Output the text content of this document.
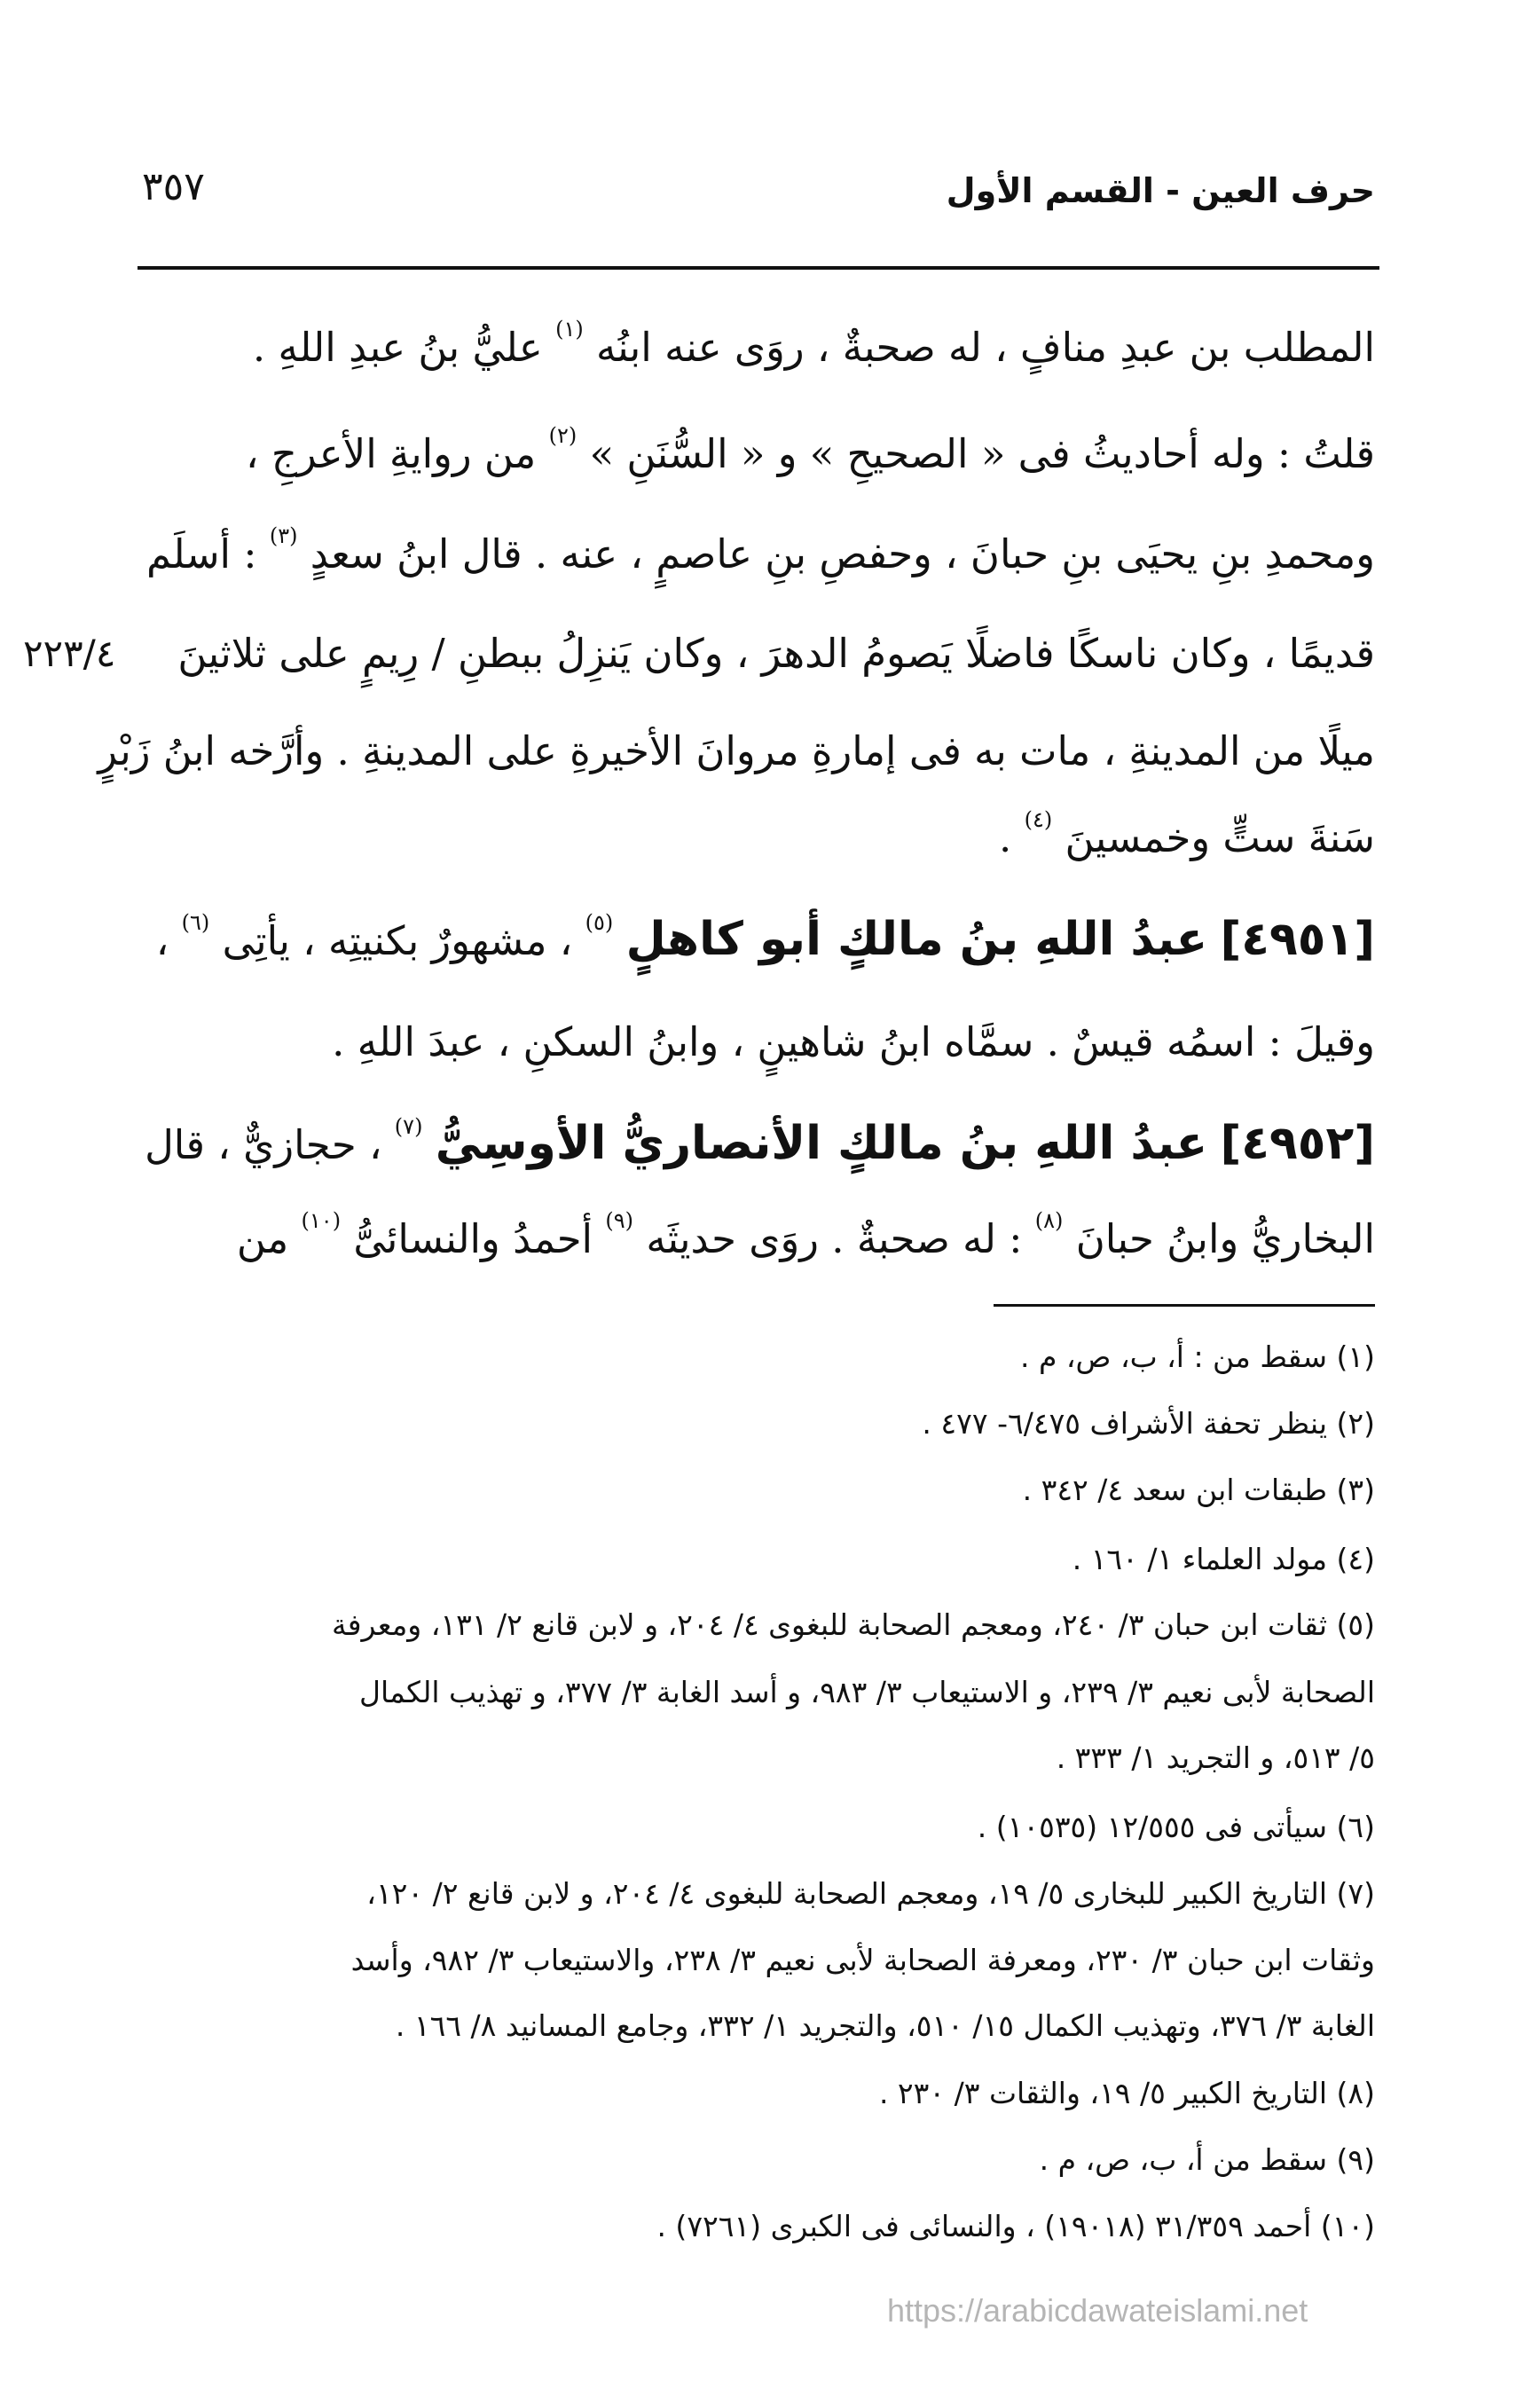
حرف العين - القسم الأول
٣٥٧
المطلب بن عبدِ منافٍ ، له صحبةٌ ، روَى عنه ابنُه $^{(١)}$ عليُّ بنُ عبدِ اللهِ .
قلتُ : وله أحاديثُ فى « الصحيحِ » و « السُّنَنِ » $^{(٢)}$ من روايةِ الأعرجِ ،
ومحمدِ بنِ يحيَى بنِ حبانَ ، وحفصِ بنِ عاصمٍ ، عنه . قال ابنُ سعدٍ $^{(٣)}$ : أسلَم
قديمًا ، وكان ناسكًا فاضلًا يَصومُ الدهرَ ، وكان يَنزِلُ ببطنِ / رِيمٍ على ثلاثينَ
ميلًا من المدينةِ ، مات به فى إمارةِ مروانَ الأخيرةِ على المدينةِ . وأرَّخه ابنُ زَبْرٍ
سَنةَ ستٍّ وخمسينَ $^{(٤)}$ .
٢٢٣/٤
[٤٩٥١] عبدُ اللهِ بنُ مالكٍ أبو كاهلٍ $^{(٥)}$ ، مشهورٌ بكنيتِه ، يأتِى $^{(٦)}$ ،
وقيلَ : اسمُه قيسٌ . سمَّاه ابنُ شاهينٍ ، وابنُ السكنِ ، عبدَ اللهِ .
[٤٩٥٢] عبدُ اللهِ بنُ مالكٍ الأنصاريُّ الأوسِيُّ $^{(٧)}$ ، حجازيٌّ ، قال
البخاريُّ وابنُ حبانَ $^{(٨)}$ : له صحبةٌ . روَى حديثَه $^{(٩)}$ أحمدُ والنسائىُّ $^{(١٠)}$ من
(١) سقط من : أ، ب، ص، م .
(٢) ينظر تحفة الأشراف ٦/٤٧٥- ٤٧٧ .
(٣) طبقات ابن سعد ٤/ ٣٤٢ .
(٤) مولد العلماء ١/ ١٦٠ .
(٥) ثقات ابن حبان ٣/ ٢٤٠، ومعجم الصحابة للبغوى ٤/ ٢٠٤، و لابن قانع ٢/ ١٣١، ومعرفة
الصحابة لأبى نعيم ٣/ ٢٣٩، و الاستيعاب ٣/ ٩٨٣، و أسد الغابة ٣/ ٣٧٧، و تهذيب الكمال
٥/ ٥١٣، و التجريد ١/ ٣٣٣ .
(٦) سيأتى فى ١٢/٥٥٥ (١٠٥٣٥) .
(٧) التاريخ الكبير للبخارى ٥/ ١٩، ومعجم الصحابة للبغوى ٤/ ٢٠٤، و لابن قانع ٢/ ١٢٠،
وثقات ابن حبان ٣/ ٢٣٠، ومعرفة الصحابة لأبى نعيم ٣/ ٢٣٨، والاستيعاب ٣/ ٩٨٢، وأسد
الغابة ٣/ ٣٧٦، وتهذيب الكمال ١٥/ ٥١٠، والتجريد ١/ ٣٣٢، وجامع المسانيد ٨/ ١٦٦ .
(٨) التاريخ الكبير ٥/ ١٩، والثقات ٣/ ٢٣٠ .
(٩) سقط من أ، ب، ص، م .
(١٠) أحمد ٣١/٣٥٩ (١٩٠١٨) ، والنسائى فى الكبرى (٧٢٦١) .
https://arabicdawateislami.net
